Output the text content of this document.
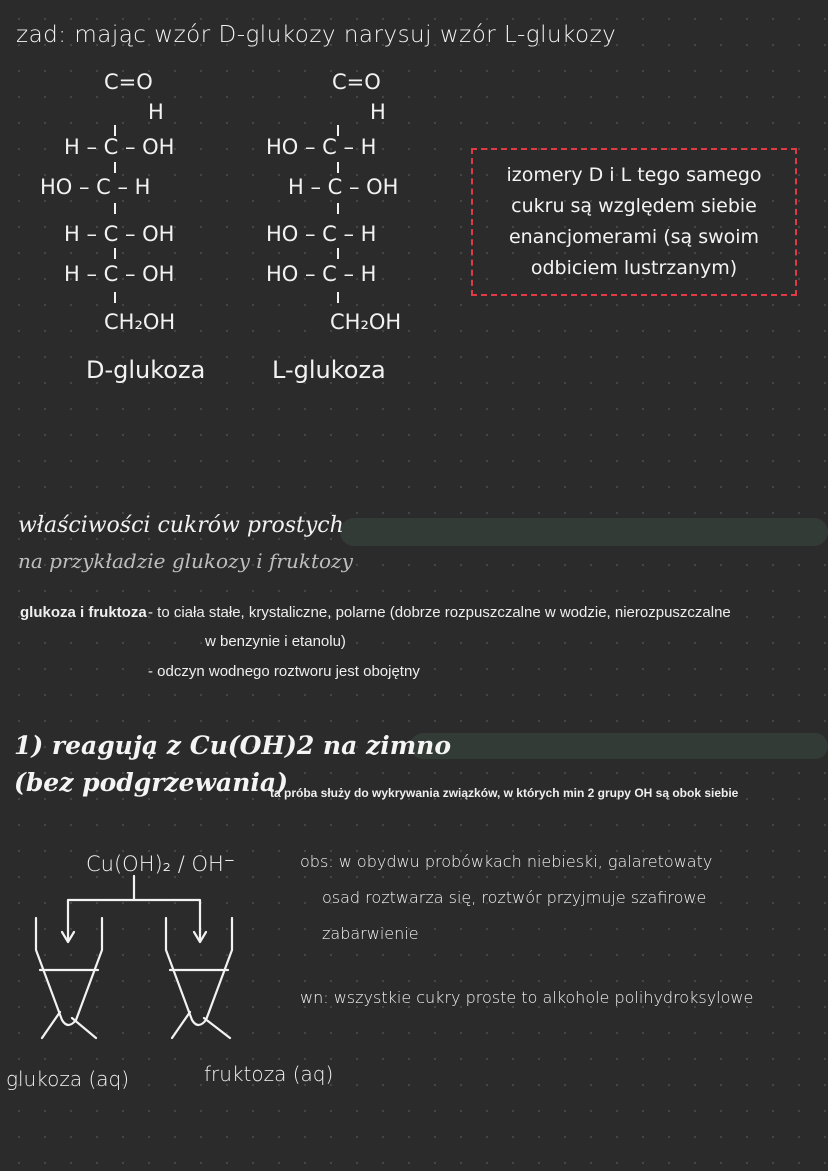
zad: mając wzór D-glukozy narysuj wzór L-glukozy
C=O
H
H – C – OH
HO – C – H
H – C – OH
H – C – OH
CH₂OH
D-glukoza
C=O
H
HO – C – H
H – C – OH
HO – C – H
HO – C – H
CH₂OH
L-glukoza
izomery D i L tego samego
cukru są względem siebie
enancjomerami (są swoim
odbiciem lustrzanym)
właściwości cukrów prostych
na przykładzie glukozy i fruktozy
glukoza i fruktoza - to ciała stałe, krystaliczne, polarne (dobrze rozpuszczalne w wodzie, nierozpuszczalne
w benzynie i etanolu)
- odczyn wodnego roztworu jest obojętny
1) reagują z Cu(OH)2 na zimno
(bez podgrzewania)
ta próba służy do wykrywania związków, w których min 2 grupy OH są obok siebie
Cu(OH)₂ / OH⁻
glukoza (aq)	fruktoza (aq)
obs: w obydwu probówkach niebieski, galaretowaty
osad roztwarza się, roztwór przyjmuje szafirowe
zabarwienie
wn: wszystkie cukry proste to alkohole polihydroksylowe
